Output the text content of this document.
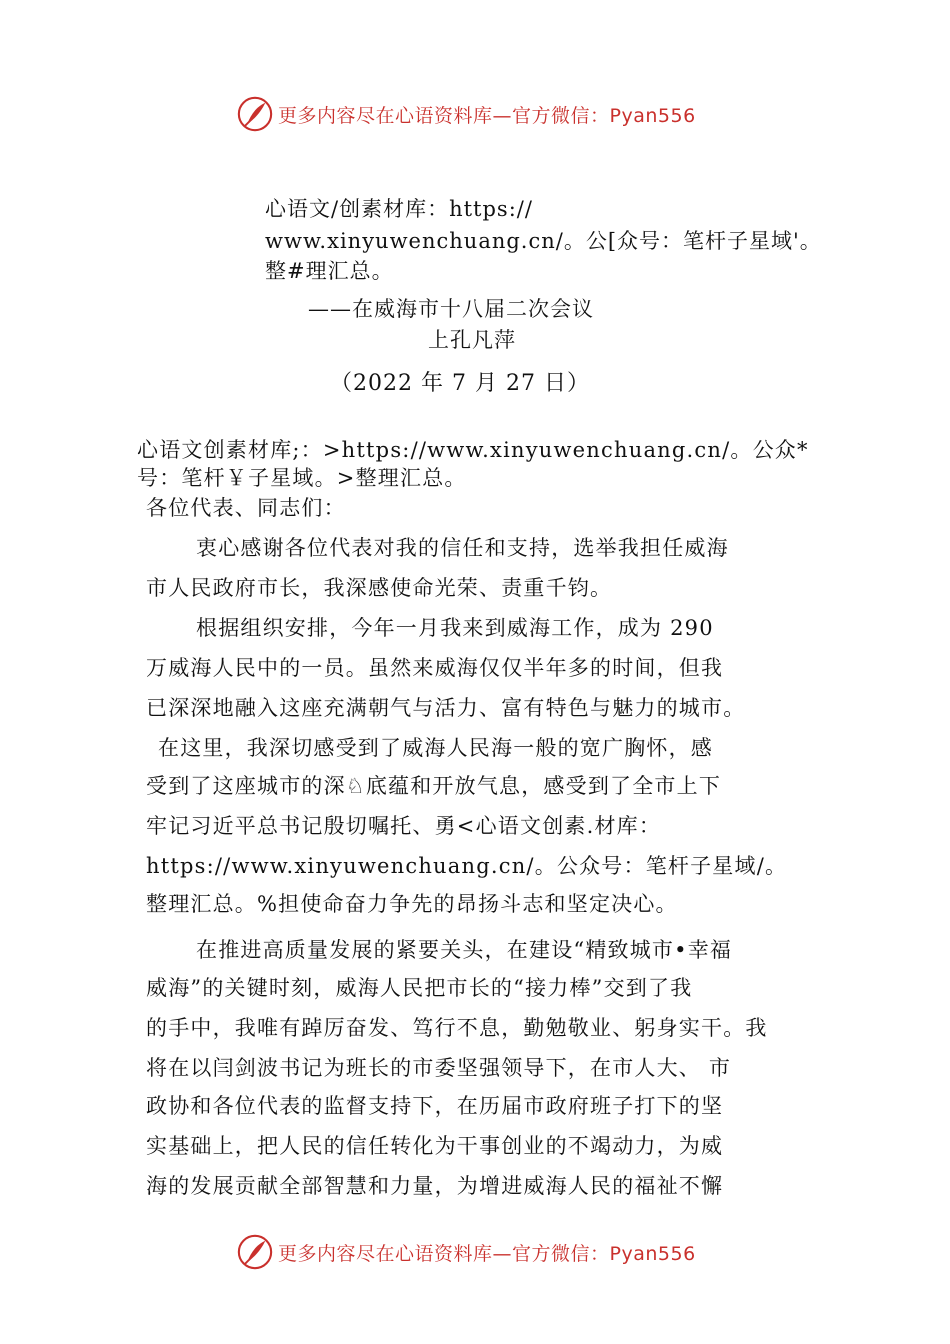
更多内容尽在心语资料库—官方微信：Pyan556
心语文/创素材库：https://
www.xinyuwenchuang.cn/。公[众号：笔杆子星域'。
整#理汇总。
——在威海市十八届二次会议
上孔凡萍
（2022 年 7 月 27 日）
心语文创素材库;：>https://www.xinyuwenchuang.cn/。公众*
号：笔杆￥子星域。>整理汇总。
各位代表、同志们：
衷心感谢各位代表对我的信任和支持，选举我担任威海
市人民政府市长，我深感使命光荣、责重千钧。
根据组织安排，今年一月我来到威海工作，成为 290
万威海人民中的一员。虽然来威海仅仅半年多的时间，但我
已深深地融入这座充满朝气与活力、富有特色与魅力的城市。
在这里，我深切感受到了威海人民海一般的宽广胸怀，感
受到了这座城市的深♘底蕴和开放气息，感受到了全市上下
牢记习近平总书记殷切嘱托、勇<心语文创素.材库：
https://www.xinyuwenchuang.cn/。公众号：笔杆子星域/。
整理汇总。%担使命奋力争先的昂扬斗志和坚定决心。
在推进高质量发展的紧要关头，在建设“精致城市•幸福
威海”的关键时刻，威海人民把市长的“接力棒”交到了我
的手中，我唯有踔厉奋发、笃行不息，勤勉敬业、躬身实干。我
将在以闫剑波书记为班长的市委坚强领导下，在市人大、 市
政协和各位代表的监督支持下，在历届市政府班子打下的坚
实基础上，把人民的信任转化为干事创业的不竭动力，为威
海的发展贡献全部智慧和力量，为增进威海人民的福祉不懈
更多内容尽在心语资料库—官方微信：Pyan556
